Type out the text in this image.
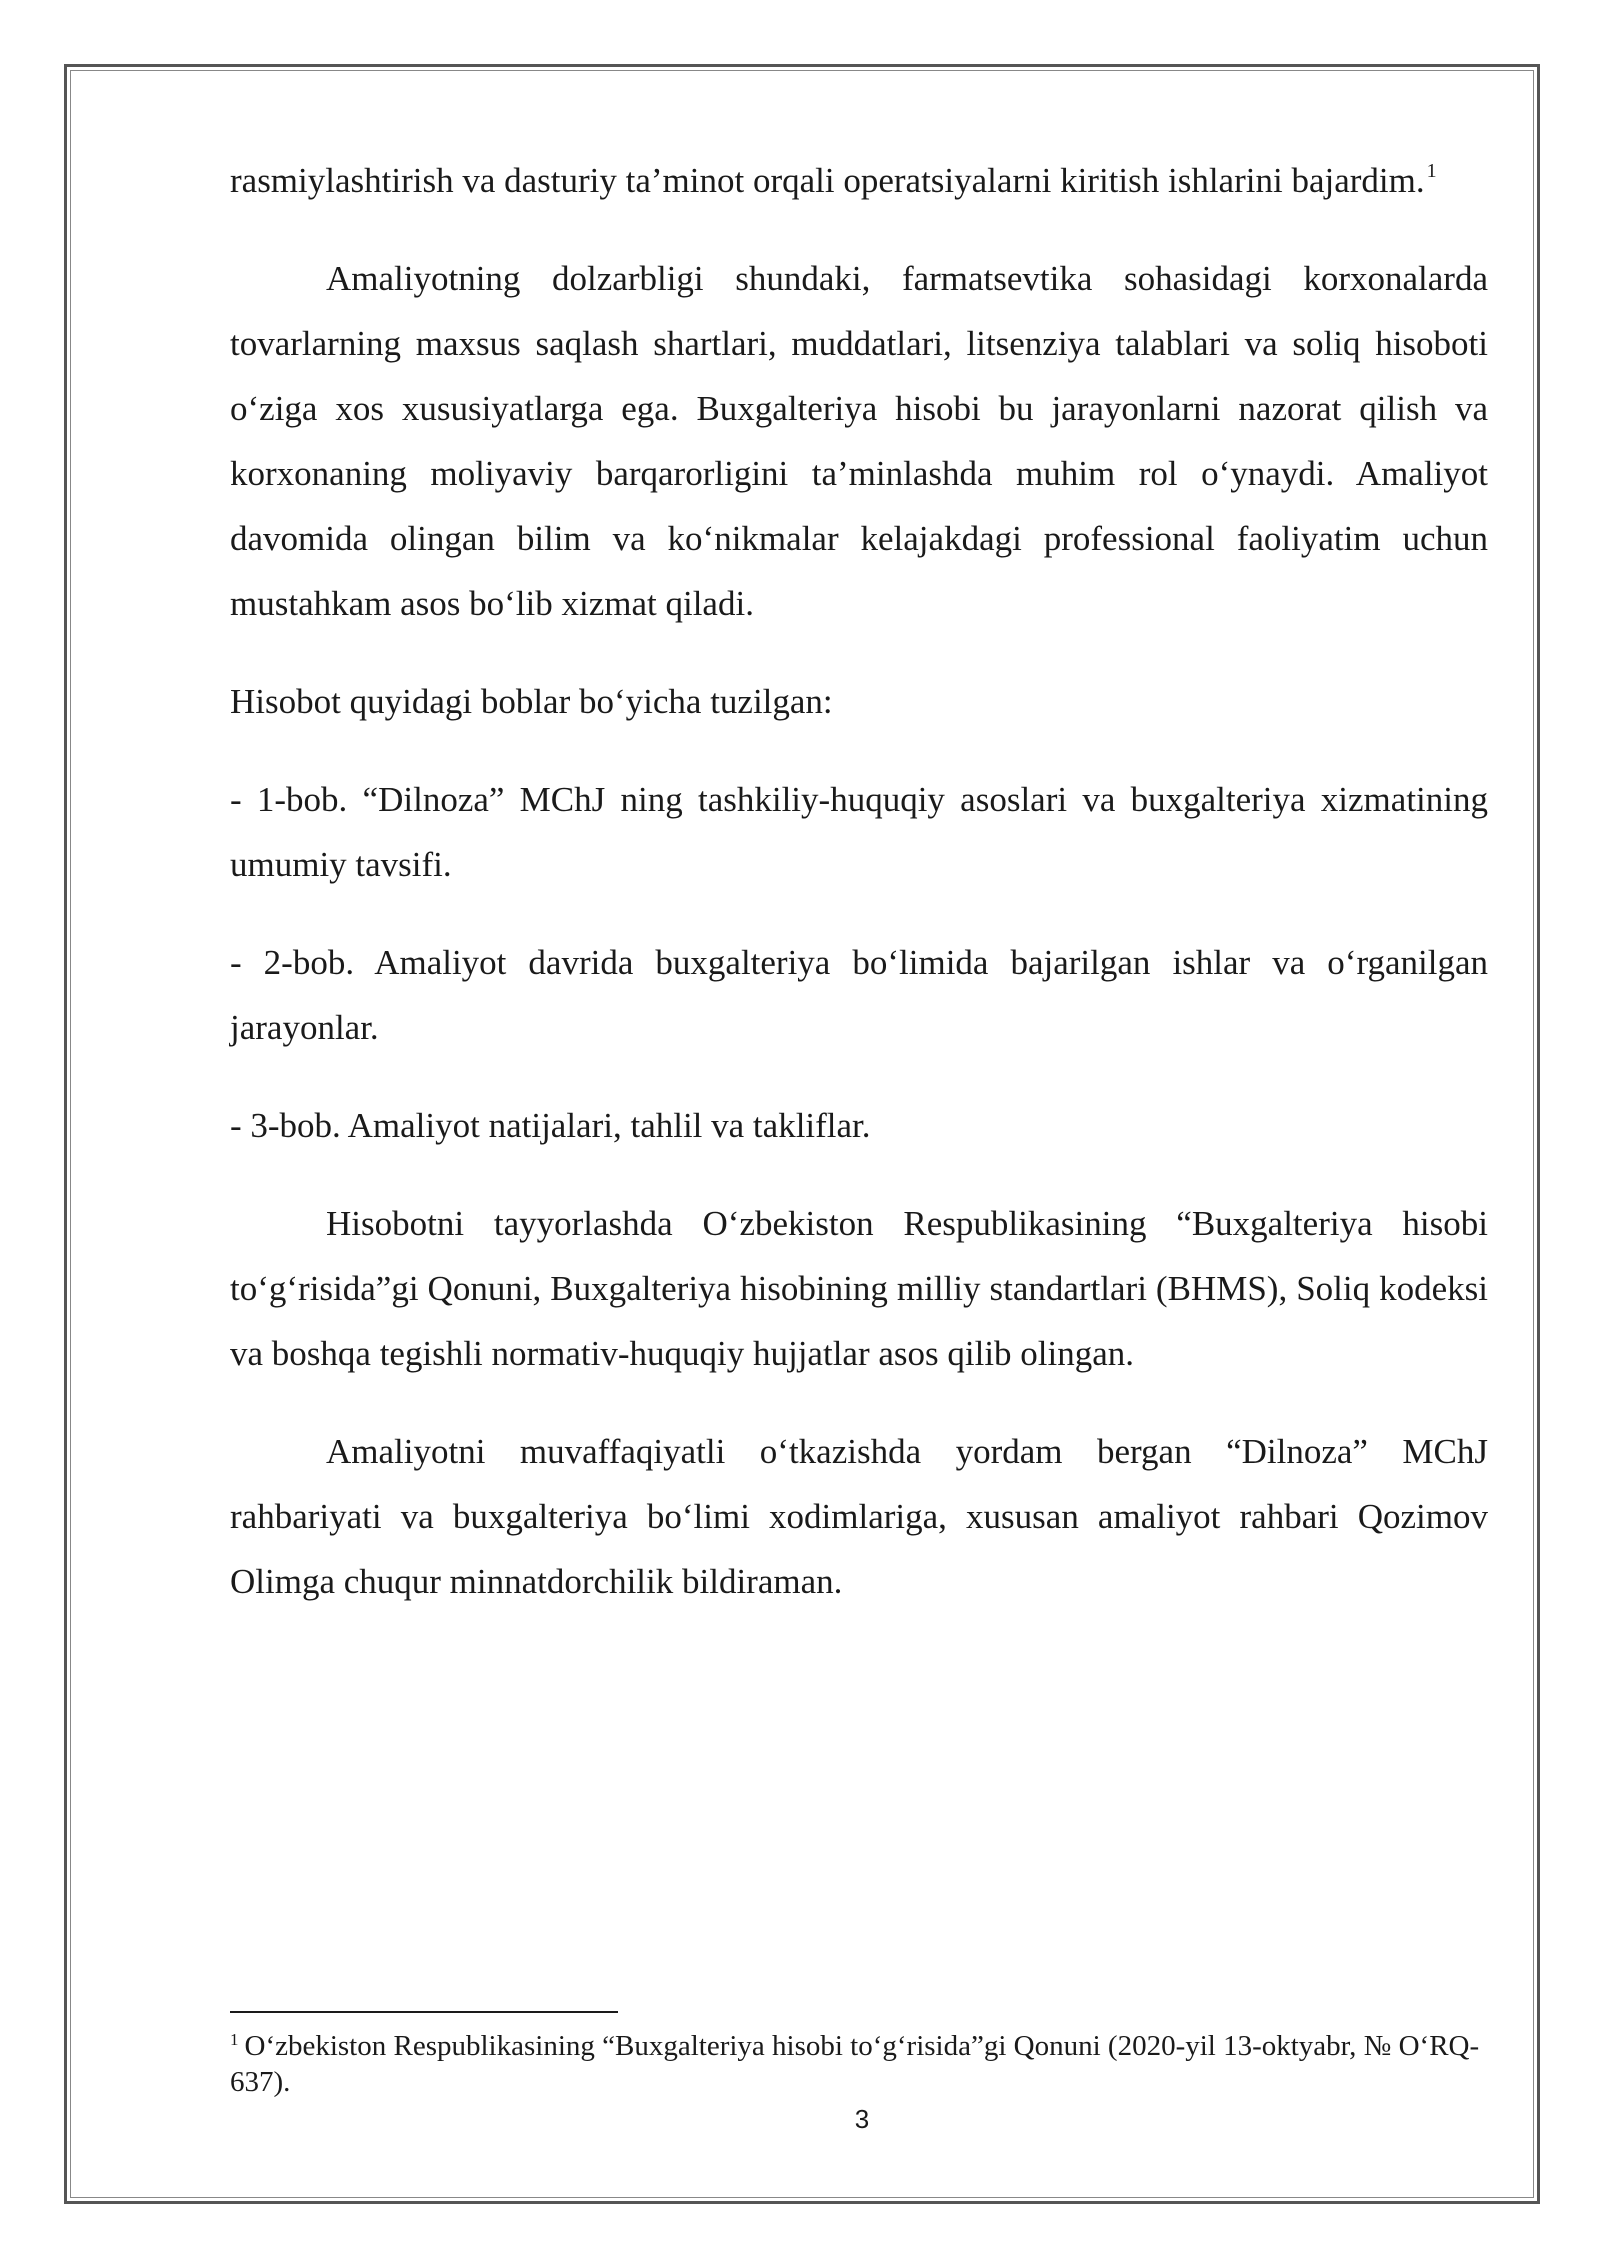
rasmiylashtirish va dasturiy ta’minot orqali operatsiyalarni kiritish ishlarini bajardim. $^1$

Amaliyotning dolzarbligi shundaki, farmatsevtika sohasidagi korxonalarda tovarlarning maxsus saqlash shartlari, muddatlari, litsenziya talablari va soliq hisoboti o‘ziga xos xususiyatlarga ega. Buxgalteriya hisobi bu jarayonlarni nazorat qilish va korxonaning moliyaviy barqarorligini ta’minlashda muhim rol o‘ynaydi. Amaliyot davomida olingan bilim va ko‘nikmalar kelajakdagi professional faoliyatim uchun mustahkam asos bo‘lib xizmat qiladi.

Hisobot quyidagi boblar bo‘yicha tuzilgan:

- 1-bob. “Dilnoza” MChJ ning tashkiliy-huquqiy asoslari va buxgalteriya xizmatining umumiy tavsifi.

- 2-bob. Amaliyot davrida buxgalteriya bo‘limida bajarilgan ishlar va o‘rganilgan jarayonlar.

- 3-bob. Amaliyot natijalari, tahlil va takliflar.

Hisobotni tayyorlashda O‘zbekiston Respublikasining “Buxgalteriya hisobi to‘g‘risida”gi Qonuni, Buxgalteriya hisobining milliy standartlari (BHMS), Soliq kodeksi va boshqa tegishli normativ-huquqiy hujjatlar asos qilib olingan.

Amaliyotni muvaffaqiyatli o‘tkazishda yordam bergan “Dilnoza” MChJ rahbariyati va buxgalteriya bo‘limi xodimlariga, xususan amaliyot rahbari Qozimov Olimga chuqur minnatdorchilik bildiraman.

$^1$ O‘zbekiston Respublikasining “Buxgalteriya hisobi to‘g‘risida”gi Qonuni (2020-yil 13-oktyabr, № O‘RQ-637).
3
